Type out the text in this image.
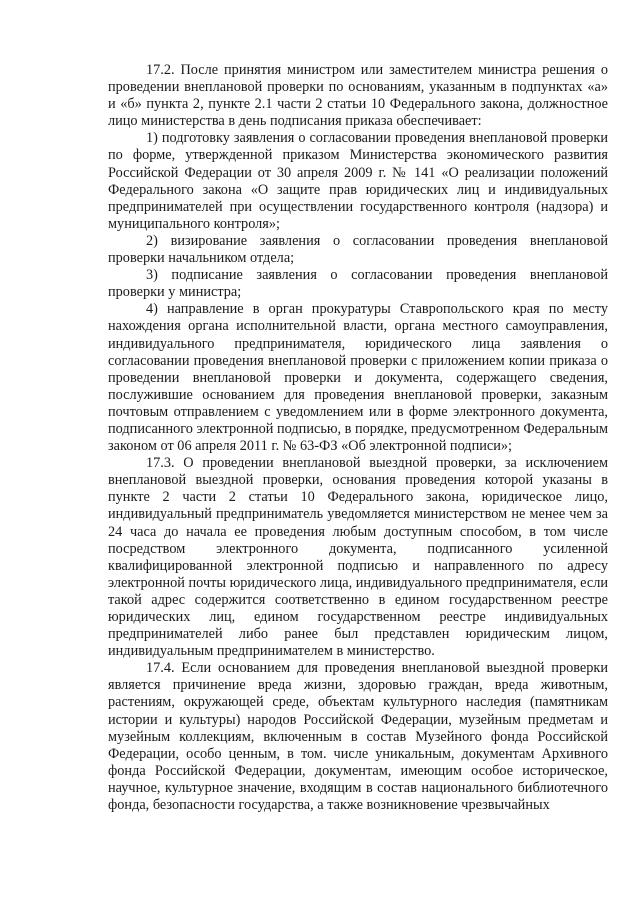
17.2. После принятия министром или заместителем министра решения о проведении внеплановой проверки по основаниям, указанным в подпунктах «а» и «б» пункта 2, пункте 2.1 части 2 статьи 10 Федерального закона, должностное лицо министерства в день подписания приказа обеспечивает:

1) подготовку заявления о согласовании проведения внеплановой проверки по форме, утвержденной приказом Министерства экономического развития Российской Федерации от 30 апреля 2009 г. № 141 «О реализации положений Федерального закона «О защите прав юридических лиц и индивидуальных предпринимателей при осуществлении государственного контроля (надзора) и муниципального контроля»;

2) визирование заявления о согласовании проведения внеплановой проверки начальником отдела;

3) подписание заявления о согласовании проведения внеплановой проверки у министра;

4) направление в орган прокуратуры Ставропольского края по месту нахождения органа исполнительной власти, органа местного самоуправления, индивидуального предпринимателя, юридического лица заявления о согласовании проведения внеплановой проверки с приложением копии приказа о проведении внеплановой проверки и документа, содержащего сведения, послужившие основанием для проведения внеплановой проверки, заказным почтовым отправлением с уведомлением или в форме электронного документа, подписанного электронной подписью, в порядке, предусмотренном Федеральным законом от 06 апреля 2011 г. № 63-ФЗ «Об электронной подписи»;

17.3. О проведении внеплановой выездной проверки, за исключением внеплановой выездной проверки, основания проведения которой указаны в пункте 2 части 2 статьи 10 Федерального закона, юридическое лицо, индивидуальный предприниматель уведомляется министерством не менее чем за 24 часа до начала ее проведения любым доступным способом, в том числе посредством электронного документа, подписанного усиленной квалифицированной электронной подписью и направленного по адресу электронной почты юридического лица, индивидуального предпринимателя, если такой адрес содержится соответственно в едином государственном реестре юридических лиц, едином государственном реестре индивидуальных предпринимателей либо ранее был представлен юридическим лицом, индивидуальным предпринимателем в министерство.

17.4. Если основанием для проведения внеплановой выездной проверки является причинение вреда жизни, здоровью граждан, вреда животным, растениям, окружающей среде, объектам культурного наследия (памятникам истории и культуры) народов Российской Федерации, музейным предметам и музейным коллекциям, включенным в состав Музейного фонда Российской Федерации, особо ценным, в том. числе уникальным, документам Архивного фонда Российской Федерации, документам, имеющим особое историческое, научное, культурное значение, входящим в состав национального библиотечного фонда, безопасности государства, а также возникновение чрезвычайных
